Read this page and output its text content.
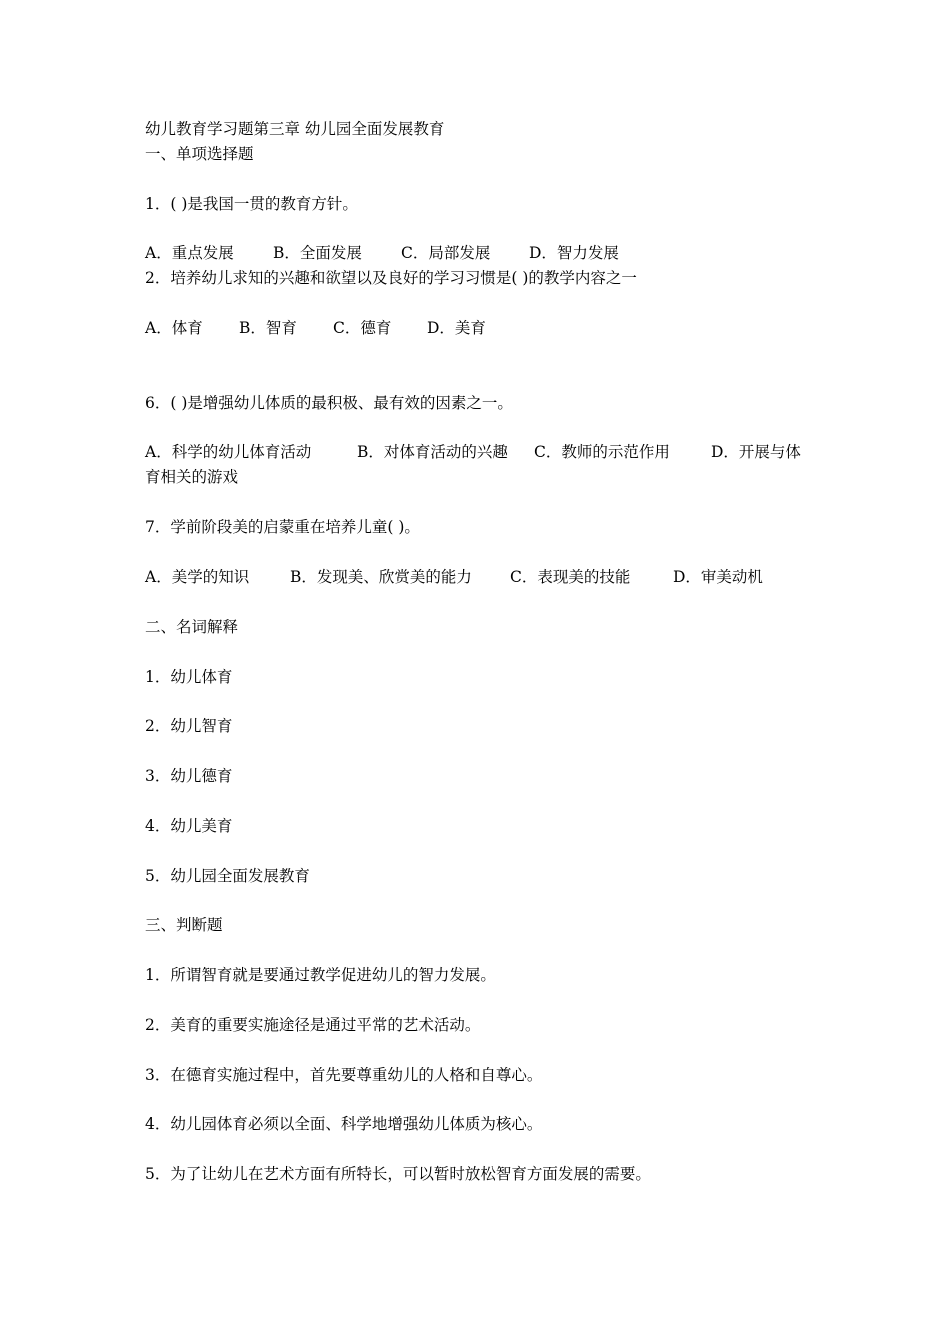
幼儿教育学习题第三章 幼儿园全面发展教育
一、单项选择题
1．( )是我国一贯的教育方针。
A．重点发展	B．全面发展	C．局部发展 D．智力发展
2．培养幼儿求知的兴趣和欲望以及良好的学习习惯是( )的教学内容之一
A．体育 B．智育 C．德育 D．美育
6．( )是增强幼儿体质的最积极、最有效的因素之一。
A．科学的幼儿体育活动	B．对体育活动的兴趣 C．教师的示范作用	D．开展与体
育相关的游戏
7．学前阶段美的启蒙重在培养儿童( )。
A．美学的知识	B．发现美、欣赏美的能力 C．表现美的技能	D．审美动机
二、名词解释
1．幼儿体育
2．幼儿智育
3．幼儿德育
4．幼儿美育
5．幼儿园全面发展教育
三、判断题
1．所谓智育就是要通过教学促进幼儿的智力发展。
2．美育的重要实施途径是通过平常的艺术活动。
3．在德育实施过程中，首先要尊重幼儿的人格和自尊心。
4．幼儿园体育必须以全面、科学地增强幼儿体质为核心。
5．为了让幼儿在艺术方面有所特长，可以暂时放松智育方面发展的需要。
